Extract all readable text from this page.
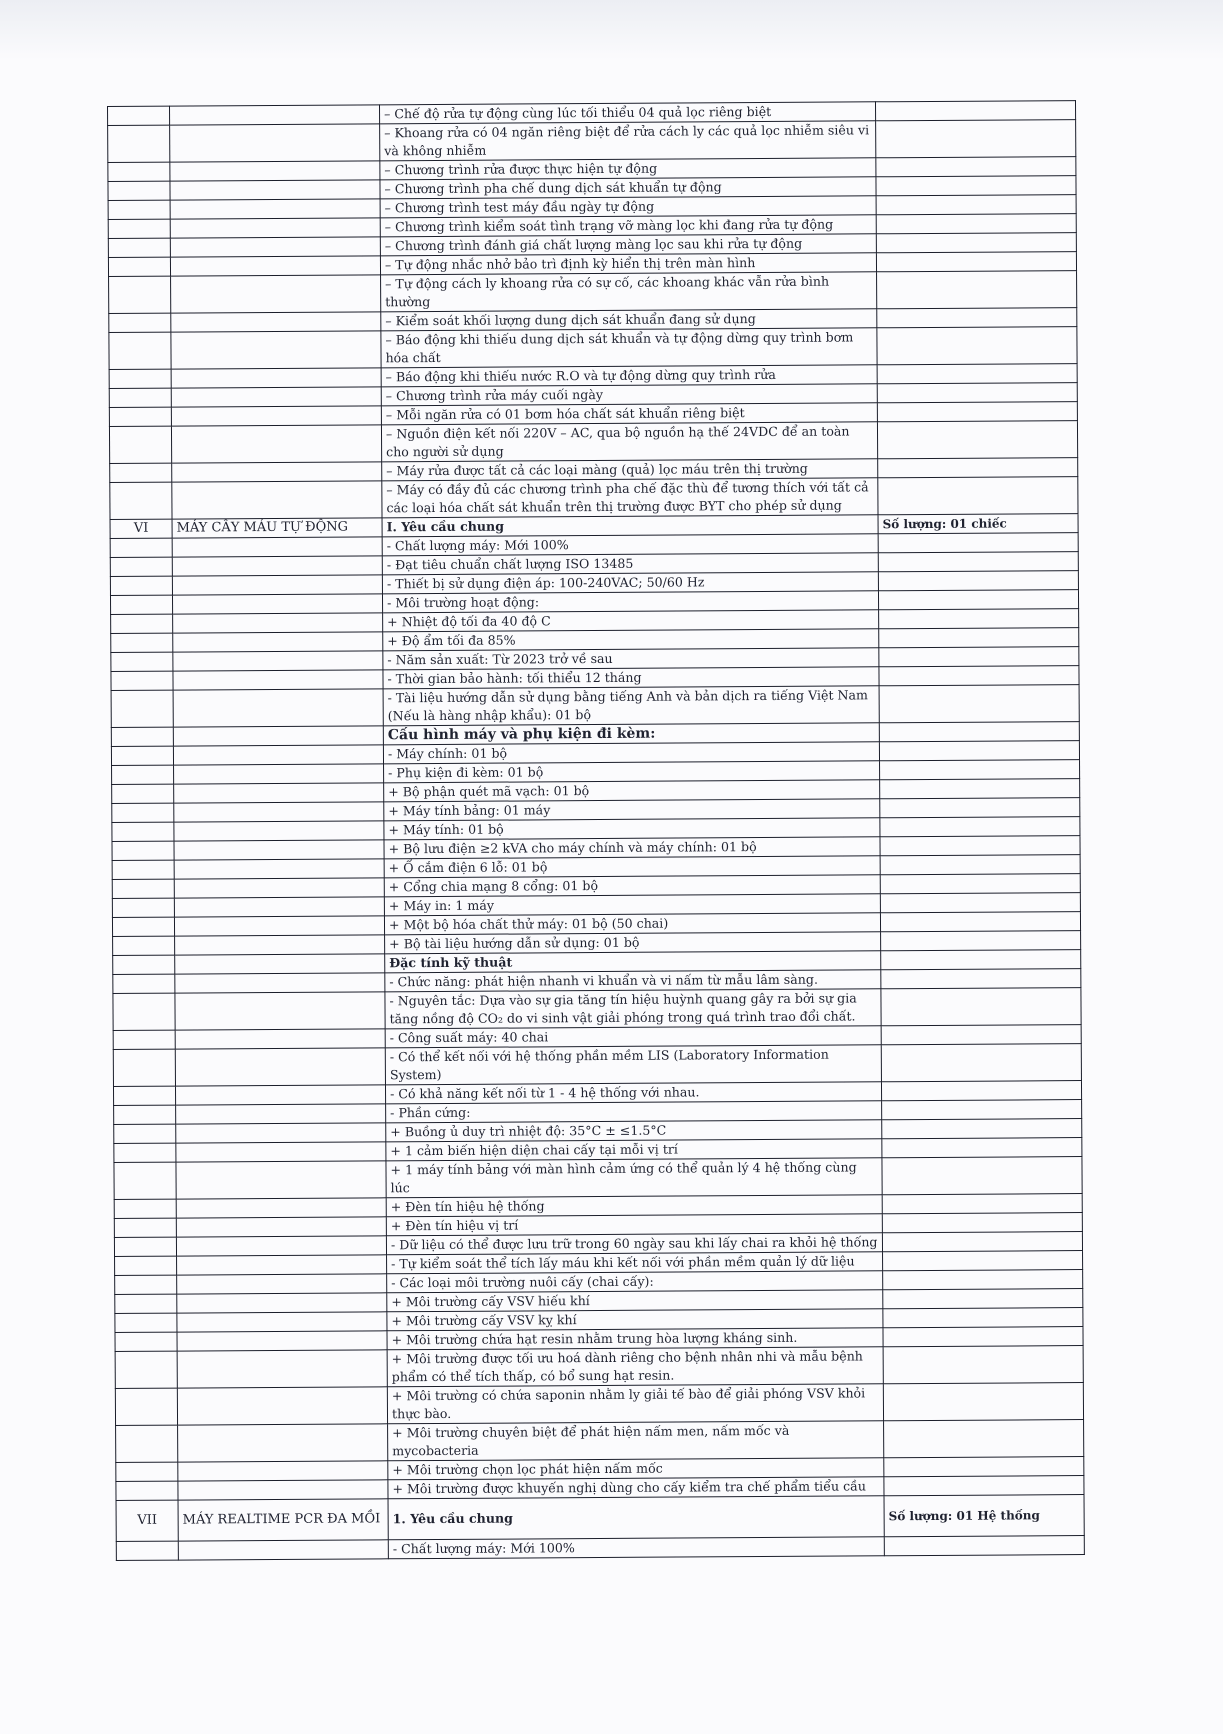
		– Chế độ rửa tự động cùng lúc tối thiểu 04 quả lọc riêng biệt	
		– Khoang rửa có 04 ngăn riêng biệt để rửa cách ly các quả lọc nhiễm siêu vi và không nhiễm	
		– Chương trình rửa được thực hiện tự động	
		– Chương trình pha chế dung dịch sát khuẩn tự động	
		– Chương trình test máy đầu ngày tự động	
		– Chương trình kiểm soát tình trạng vỡ màng lọc khi đang rửa tự động	
		– Chương trình đánh giá chất lượng màng lọc sau khi rửa tự động	
		– Tự động nhắc nhở bảo trì định kỳ hiển thị trên màn hình	
		– Tự động cách ly khoang rửa có sự cố, các khoang khác vẫn rửa bình thường	
		– Kiểm soát khối lượng dung dịch sát khuẩn đang sử dụng	
		– Báo động khi thiếu dung dịch sát khuẩn và tự động dừng quy trình bơm hóa chất	
		– Báo động khi thiếu nước R.O và tự động dừng quy trình rửa	
		– Chương trình rửa máy cuối ngày	
		– Mỗi ngăn rửa có 01 bơm hóa chất sát khuẩn riêng biệt	
		– Nguồn điện kết nối 220V – AC, qua bộ nguồn hạ thế 24VDC để an toàn cho người sử dụng	
		– Máy rửa được tất cả các loại màng (quả) lọc máu trên thị trường	
		– Máy có đầy đủ các chương trình pha chế đặc thù để tương thích với tất cả các loại hóa chất sát khuẩn trên thị trường được BYT cho phép sử dụng	
VI	MÁY CẤY MÁU TỰ ĐỘNG	I. Yêu cầu chung	Số lượng: 01 chiếc
		- Chất lượng máy: Mới 100%	
		- Đạt tiêu chuẩn chất lượng ISO 13485	
		- Thiết bị sử dụng điện áp: 100-240VAC; 50/60 Hz	
		- Môi trường hoạt động:	
		+ Nhiệt độ tối đa 40 độ C	
		+ Độ ẩm tối đa 85%	
		- Năm sản xuất: Từ 2023 trở về sau	
		- Thời gian bảo hành: tối thiểu 12 tháng	
		- Tài liệu hướng dẫn sử dụng bằng tiếng Anh và bản dịch ra tiếng Việt Nam (Nếu là hàng nhập khẩu): 01 bộ	
		Cấu hình máy và phụ kiện đi kèm:	
		- Máy chính: 01 bộ	
		- Phụ kiện đi kèm: 01 bộ	
		+ Bộ phận quét mã vạch: 01 bộ	
		+ Máy tính bảng: 01 máy	
		+ Máy tính: 01 bộ	
		+ Bộ lưu điện ≥2 kVA cho máy chính và máy chính: 01 bộ	
		+ Ổ cắm điện 6 lỗ: 01 bộ	
		+ Cổng chia mạng 8 cổng: 01 bộ	
		+ Máy in: 1 máy	
		+ Một bộ hóa chất thử máy: 01 bộ (50 chai)	
		+ Bộ tài liệu hướng dẫn sử dụng: 01 bộ	
		Đặc tính kỹ thuật	
		- Chức năng: phát hiện nhanh vi khuẩn và vi nấm từ mẫu lâm sàng.	
		- Nguyên tắc: Dựa vào sự gia tăng tín hiệu huỳnh quang gây ra bởi sự gia tăng nồng độ CO₂ do vi sinh vật giải phóng trong quá trình trao đổi chất.	
		- Công suất máy: 40 chai	
		- Có thể kết nối với hệ thống phần mềm LIS (Laboratory Information System)	
		- Có khả năng kết nối từ 1 - 4 hệ thống với nhau.	
		- Phần cứng:	
		+ Buồng ủ duy trì nhiệt độ: 35°C ± ≤1.5°C	
		+ 1 cảm biến hiện diện chai cấy tại mỗi vị trí	
		+ 1 máy tính bảng với màn hình cảm ứng có thể quản lý 4 hệ thống cùng lúc	
		+ Đèn tín hiệu hệ thống	
		+ Đèn tín hiệu vị trí	
		- Dữ liệu có thể được lưu trữ trong 60 ngày sau khi lấy chai ra khỏi hệ thống	
		- Tự kiểm soát thể tích lấy máu khi kết nối với phần mềm quản lý dữ liệu	
		- Các loại môi trường nuôi cấy (chai cấy):	
		+ Môi trường cấy VSV hiếu khí	
		+ Môi trường cấy VSV kỵ khí	
		+ Môi trường chứa hạt resin nhằm trung hòa lượng kháng sinh.	
		+ Môi trường được tối ưu hoá dành riêng cho bệnh nhân nhi và mẫu bệnh phẩm có thể tích thấp, có bổ sung hạt resin.	
		+ Môi trường có chứa saponin nhằm ly giải tế bào để giải phóng VSV khỏi thực bào.	
		+ Môi trường chuyên biệt để phát hiện nấm men, nấm mốc và mycobacteria	
		+ Môi trường chọn lọc phát hiện nấm mốc	
		+ Môi trường được khuyến nghị dùng cho cấy kiểm tra chế phẩm tiểu cầu	
VII	MÁY REALTIME PCR ĐA MỒI	1. Yêu cầu chung	Số lượng: 01 Hệ thống
		- Chất lượng máy: Mới 100%	
